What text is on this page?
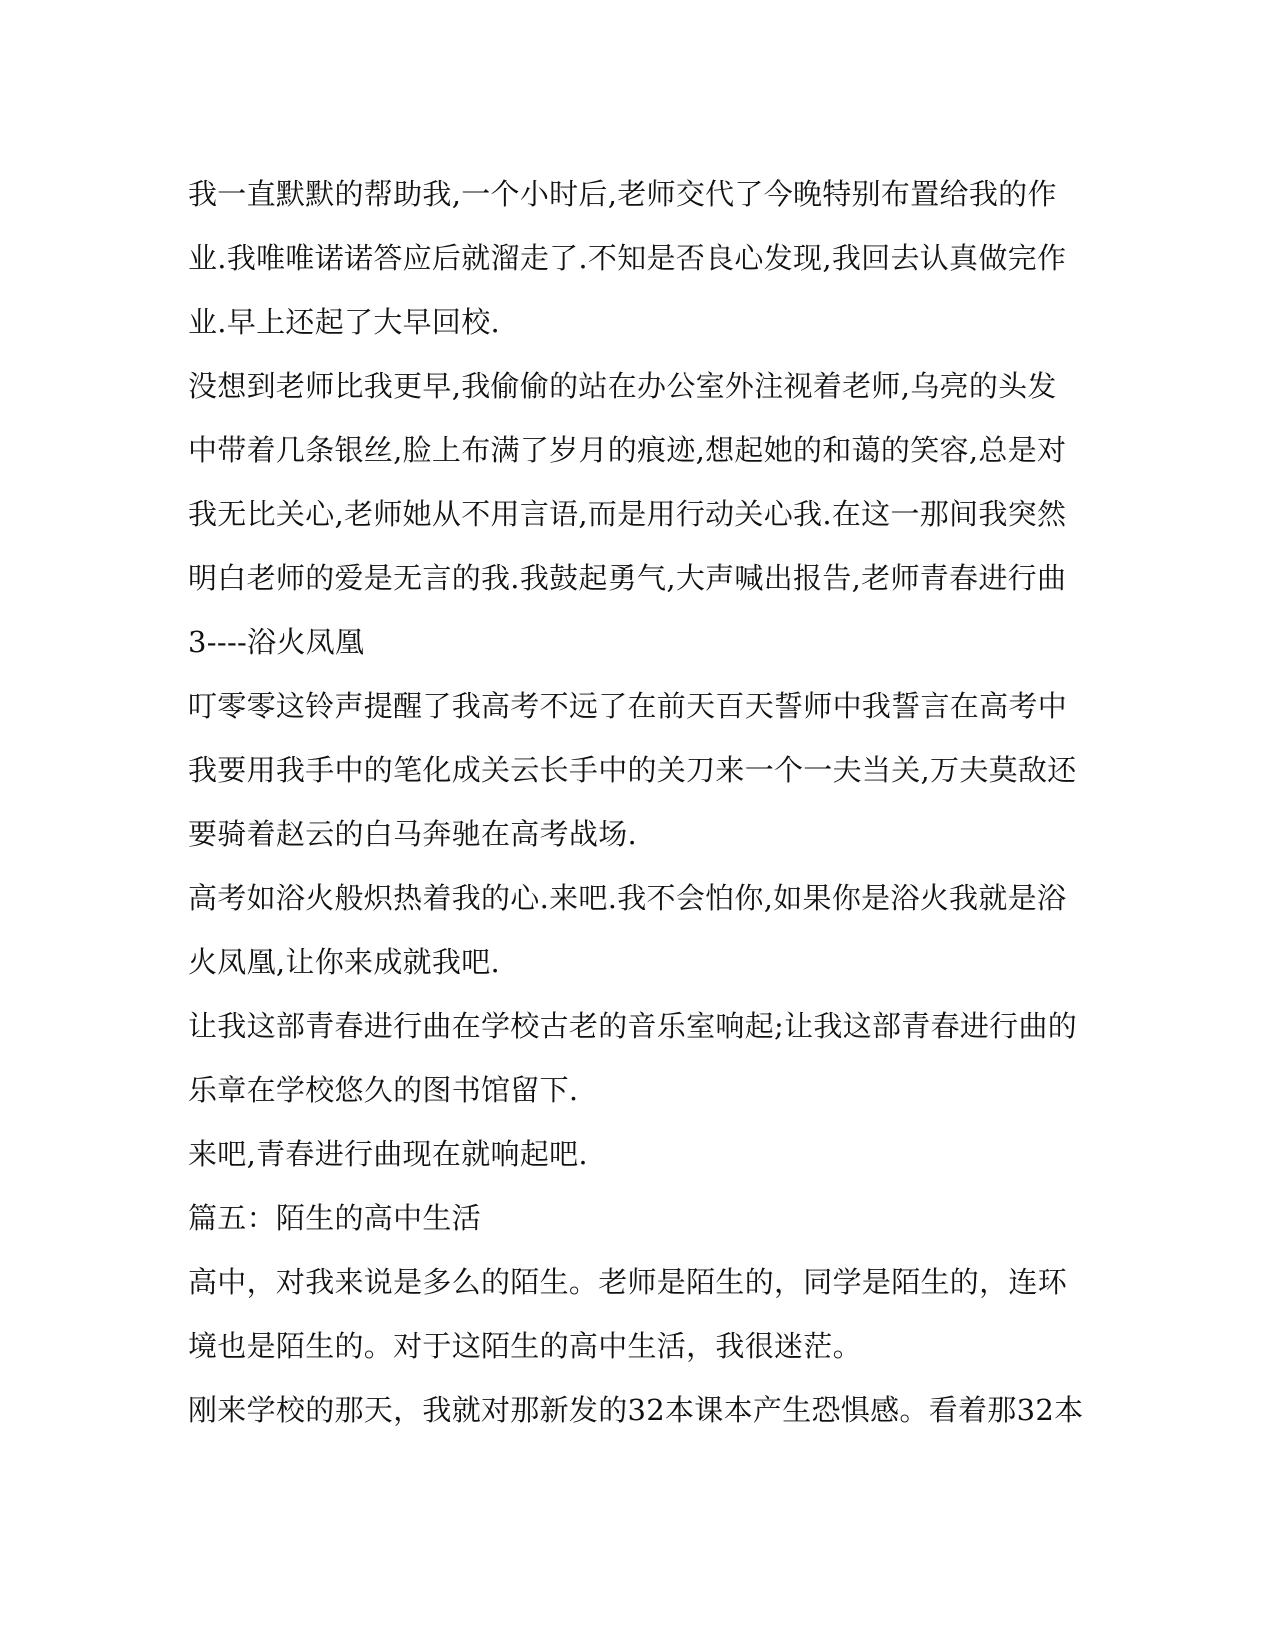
我一直默默的帮助我,一个小时后,老师交代了今晚特别布置给我的作
业.我唯唯诺诺答应后就溜走了.不知是否良心发现,我回去认真做完作
业.早上还起了大早回校.
没想到老师比我更早,我偷偷的站在办公室外注视着老师,乌亮的头发
中带着几条银丝,脸上布满了岁月的痕迹,想起她的和蔼的笑容,总是对
我无比关心,老师她从不用言语,而是用行动关心我.在这一那间我突然
明白老师的爱是无言的我.我鼓起勇气,大声喊出报告,老师青春进行曲
3----浴火凤凰
叮零零这铃声提醒了我高考不远了在前天百天誓师中我誓言在高考中
我要用我手中的笔化成关云长手中的关刀来一个一夫当关,万夫莫敌还
要骑着赵云的白马奔驰在高考战场.
高考如浴火般炽热着我的心.来吧.我不会怕你,如果你是浴火我就是浴
火凤凰,让你来成就我吧.
让我这部青春进行曲在学校古老的音乐室响起;让我这部青春进行曲的
乐章在学校悠久的图书馆留下.
来吧,青春进行曲现在就响起吧.
篇五：陌生的高中生活
高中，对我来说是多么的陌生。老师是陌生的，同学是陌生的，连环
境也是陌生的。对于这陌生的高中生活，我很迷茫。
刚来学校的那天，我就对那新发的32本课本产生恐惧感。看着那32本
